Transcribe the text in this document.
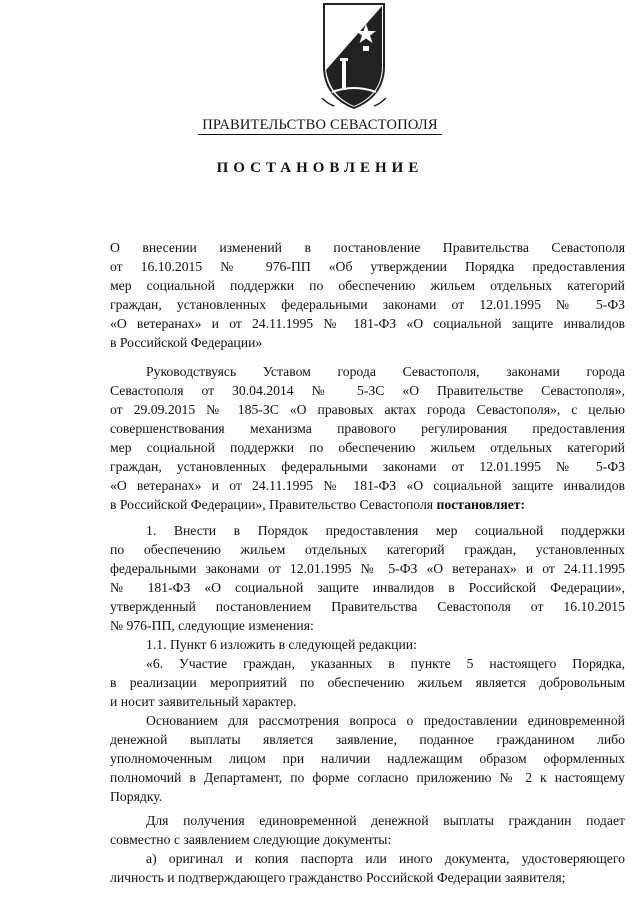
ПРАВИТЕЛЬСТВО СЕВАСТОПОЛЯ
ПОСТАНОВЛЕНИЕ
О внесении изменений в постановление Правительства Севастополя
от 16.10.2015 № 976-ПП «Об утверждении Порядка предоставления
мер социальной поддержки по обеспечению жильем отдельных категорий
граждан, установленных федеральными законами от 12.01.1995 № 5-ФЗ
«О ветеранах» и от 24.11.1995 № 181-ФЗ «О социальной защите инвалидов
в Российской Федерации»
Руководствуясь Уставом города Севастополя, законами города
Севастополя от 30.04.2014 № 5-ЗС «О Правительстве Севастополя»,
от 29.09.2015 № 185-ЗС «О правовых актах города Севастополя», с целью
совершенствования механизма правового регулирования предоставления
мер социальной поддержки по обеспечению жильем отдельных категорий
граждан, установленных федеральными законами от 12.01.1995 № 5-ФЗ
«О ветеранах» и от 24.11.1995 № 181-ФЗ «О социальной защите инвалидов
в Российской Федерации», Правительство Севастополя постановляет:
1. Внести в Порядок предоставления мер социальной поддержки
по обеспечению жильем отдельных категорий граждан, установленных
федеральными законами от 12.01.1995 № 5-ФЗ «О ветеранах» и от 24.11.1995
№ 181-ФЗ «О социальной защите инвалидов в Российской Федерации»,
утвержденный постановлением Правительства Севастополя от 16.10.2015
№ 976-ПП, следующие изменения:
1.1. Пункт 6 изложить в следующей редакции:
«6. Участие граждан, указанных в пункте 5 настоящего Порядка,
в реализации мероприятий по обеспечению жильем является добровольным
и носит заявительный характер.
Основанием для рассмотрения вопроса о предоставлении единовременной
денежной выплаты является заявление, поданное гражданином либо
уполномоченным лицом при наличии надлежащим образом оформленных
полномочий в Департамент, по форме согласно приложению № 2 к настоящему
Порядку.
Для получения единовременной денежной выплаты гражданин подает
совместно с заявлением следующие документы:
а) оригинал и копия паспорта или иного документа, удостоверяющего
личность и подтверждающего гражданство Российской Федерации заявителя;
